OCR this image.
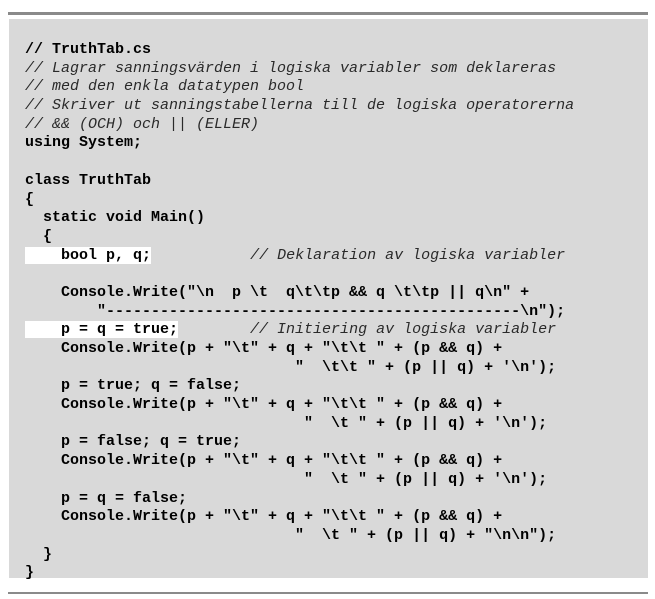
// TruthTab.cs
// Lagrar sanningsvärden i logiska variabler som deklareras
// med den enkla datatypen bool
// Skriver ut sanningstabellerna till de logiska operatorerna
// && (OCH) och || (ELLER)
using System;
class TruthTab
{
static void Main()
{
bool p, q;	// Deklaration av logiska variabler
Console.Write("\n  p \t  q\t\tp && q \t\tp || q\n" +
"----------------------------------------------\n");
p = q = true;	// Initiering av logiska variabler
Console.Write(p + "\t" + q + "\t\t " + (p && q) +
"  \t\t " + (p || q) + '\n');
p = true; q = false;
Console.Write(p + "\t" + q + "\t\t " + (p && q) +
"  \t " + (p || q) + '\n');
p = false; q = true;
Console.Write(p + "\t" + q + "\t\t " + (p && q) +
"  \t " + (p || q) + '\n');
p = q = false;
Console.Write(p + "\t" + q + "\t\t " + (p && q) +
"  \t " + (p || q) + "\n\n");
}
}
